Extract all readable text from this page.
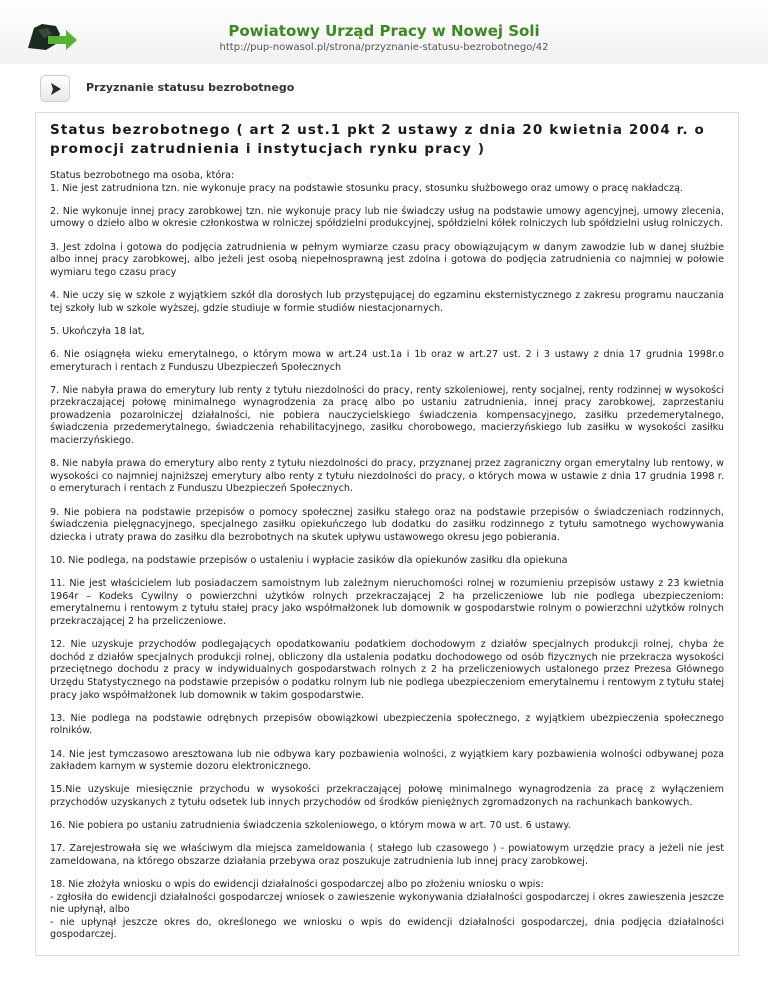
Powiatowy Urząd Pracy w Nowej Soli
http://pup-nowasol.pl/strona/przyznanie-statusu-bezrobotnego/42
Przyznanie statusu bezrobotnego
Status bezrobotnego ( art 2 ust.1 pkt 2 ustawy z dnia 20 kwietnia 2004 r. o promocji zatrudnienia i instytucjach rynku pracy )
Status bezrobotnego ma osoba, która:
1. Nie jest zatrudniona tzn. nie wykonuje pracy na podstawie stosunku pracy, stosunku służbowego oraz umowy o pracę nakładczą.
2. Nie wykonuje innej pracy zarobkowej tzn. nie wykonuje pracy lub nie świadczy usług na podstawie umowy agencyjnej, umowy zlecenia, umowy o dzieło albo w okresie członkostwa w rolniczej spółdzielni produkcyjnej, spółdzielni kółek rolniczych lub spółdzielni usług rolniczych.
3. Jest zdolna i gotowa do podjęcia zatrudnienia w pełnym wymiarze czasu pracy obowiązującym w danym zawodzie lub w danej służbie albo innej pracy zarobkowej, albo jeżeli jest osobą niepełnosprawną jest zdolna i gotowa do podjęcia zatrudnienia co najmniej w połowie wymiaru tego czasu pracy
4. Nie uczy się w szkole z wyjątkiem szkół dla dorosłych lub przystępującej do egzaminu eksternistycznego z zakresu programu nauczania tej szkoły lub w szkole wyższej, gdzie studiuje w formie studiów niestacjonarnych.
5. Ukończyła 18 lat,
6. Nie osiągnęła wieku emerytalnego, o którym mowa w art.24 ust.1a i 1b oraz w art.27 ust. 2 i 3 ustawy z dnia 17 grudnia 1998r.o emeryturach i rentach z Funduszu Ubezpieczeń Społecznych
7. Nie nabyła prawa do emerytury lub renty z tytułu niezdolności do pracy, renty szkoleniowej, renty socjalnej, renty rodzinnej w wysokości przekraczającej połowę minimalnego wynagrodzenia za pracę albo po ustaniu zatrudnienia, innej pracy zarobkowej, zaprzestaniu prowadzenia pozarolniczej działalności, nie pobiera nauczycielskiego świadczenia kompensacyjnego, zasiłku przedemerytalnego, świadczenia przedemerytalnego, świadczenia rehabilitacyjnego, zasiłku chorobowego, macierzyńskiego lub zasiłku w wysokości zasiłku macierzyńskiego.
8. Nie nabyła prawa do emerytury albo renty z tytułu niezdolności do pracy, przyznanej przez zagraniczny organ emerytalny lub rentowy, w wysokości co najmniej najniższej emerytury albo renty z tytułu niezdolności do pracy, o których mowa w ustawie z dnia 17 grudnia 1998 r. o emeryturach i rentach z Funduszu Ubezpieczeń Społecznych.
9. Nie pobiera na podstawie przepisów o pomocy społecznej zasiłku stałego oraz na podstawie przepisów o świadczeniach rodzinnych, świadczenia pielęgnacyjnego, specjalnego zasiłku opiekuńczego lub dodatku do zasiłku rodzinnego z tytułu samotnego wychowywania dziecka i utraty prawa do zasiłku dla bezrobotnych na skutek upływu ustawowego okresu jego pobierania.
10. Nie podlega, na podstawie przepisów o ustaleniu i wypłacie zasików dla opiekunów zasiłku dla opiekuna
11. Nie jest właścicielem lub posiadaczem samoistnym lub zależnym nieruchomości rolnej w rozumieniu przepisów ustawy z 23 kwietnia 1964r – Kodeks Cywilny o powierzchni użytków rolnych przekraczającej 2 ha przeliczeniowe lub nie podlega ubezpieczeniom: emerytalnemu i rentowym z tytułu stałej pracy jako współmałżonek lub domownik w gospodarstwie rolnym o powierzchni użytków rolnych przekraczającej 2 ha przeliczeniowe.
12. Nie uzyskuje przychodów podlegających opodatkowaniu podatkiem dochodowym z działów specjalnych produkcji rolnej, chyba że dochód z działów specjalnych produkcji rolnej, obliczony dla ustalenia podatku dochodowego od osób fizycznych nie przekracza wysokości przeciętnego dochodu z pracy w indywidualnych gospodarstwach rolnych z 2 ha przeliczeniowych ustalonego przez Prezesa Głównego Urzędu Statystycznego na podstawie przepisów o podatku rolnym lub nie podlega ubezpieczeniom emerytalnemu i rentowym z tytułu stałej pracy jako współmałżonek lub domownik w takim gospodarstwie.
13. Nie podlega na podstawie odrębnych przepisów obowiązkowi ubezpieczenia społecznego, z wyjątkiem ubezpieczenia społecznego rolników.
14. Nie jest tymczasowo aresztowana lub nie odbywa kary pozbawienia wolności, z wyjątkiem kary pozbawienia wolności odbywanej poza zakładem karnym w systemie dozoru elektronicznego.
15.Nie uzyskuje miesięcznie przychodu w wysokości przekraczającej połowę minimalnego wynagrodzenia za pracę z wyłączeniem przychodów uzyskanych z tytułu odsetek lub innych przychodów od środków pieniężnych zgromadzonych na rachunkach bankowych.
16. Nie pobiera po ustaniu zatrudnienia świadczenia szkoleniowego, o którym mowa w art. 70 ust. 6 ustawy.
17. Zarejestrowała się we właściwym dla miejsca zameldowania ( stałego lub czasowego ) - powiatowym urzędzie pracy a jeżeli nie jest zameldowana, na którego obszarze działania przebywa oraz poszukuje zatrudnienia lub innej pracy zarobkowej.
18. Nie złożyła wniosku o wpis do ewidencji działalności gospodarczej albo po złożeniu wniosku o wpis:
- zgłosiła do ewidencji działalności gospodarczej wniosek o zawieszenie wykonywania działalności gospodarczej i okres zawieszenia jeszcze nie upłynął, albo
- nie upłynął jeszcze okres do, określonego we wniosku o wpis do ewidencji działalności gospodarczej, dnia podjęcia działalności gospodarczej.
